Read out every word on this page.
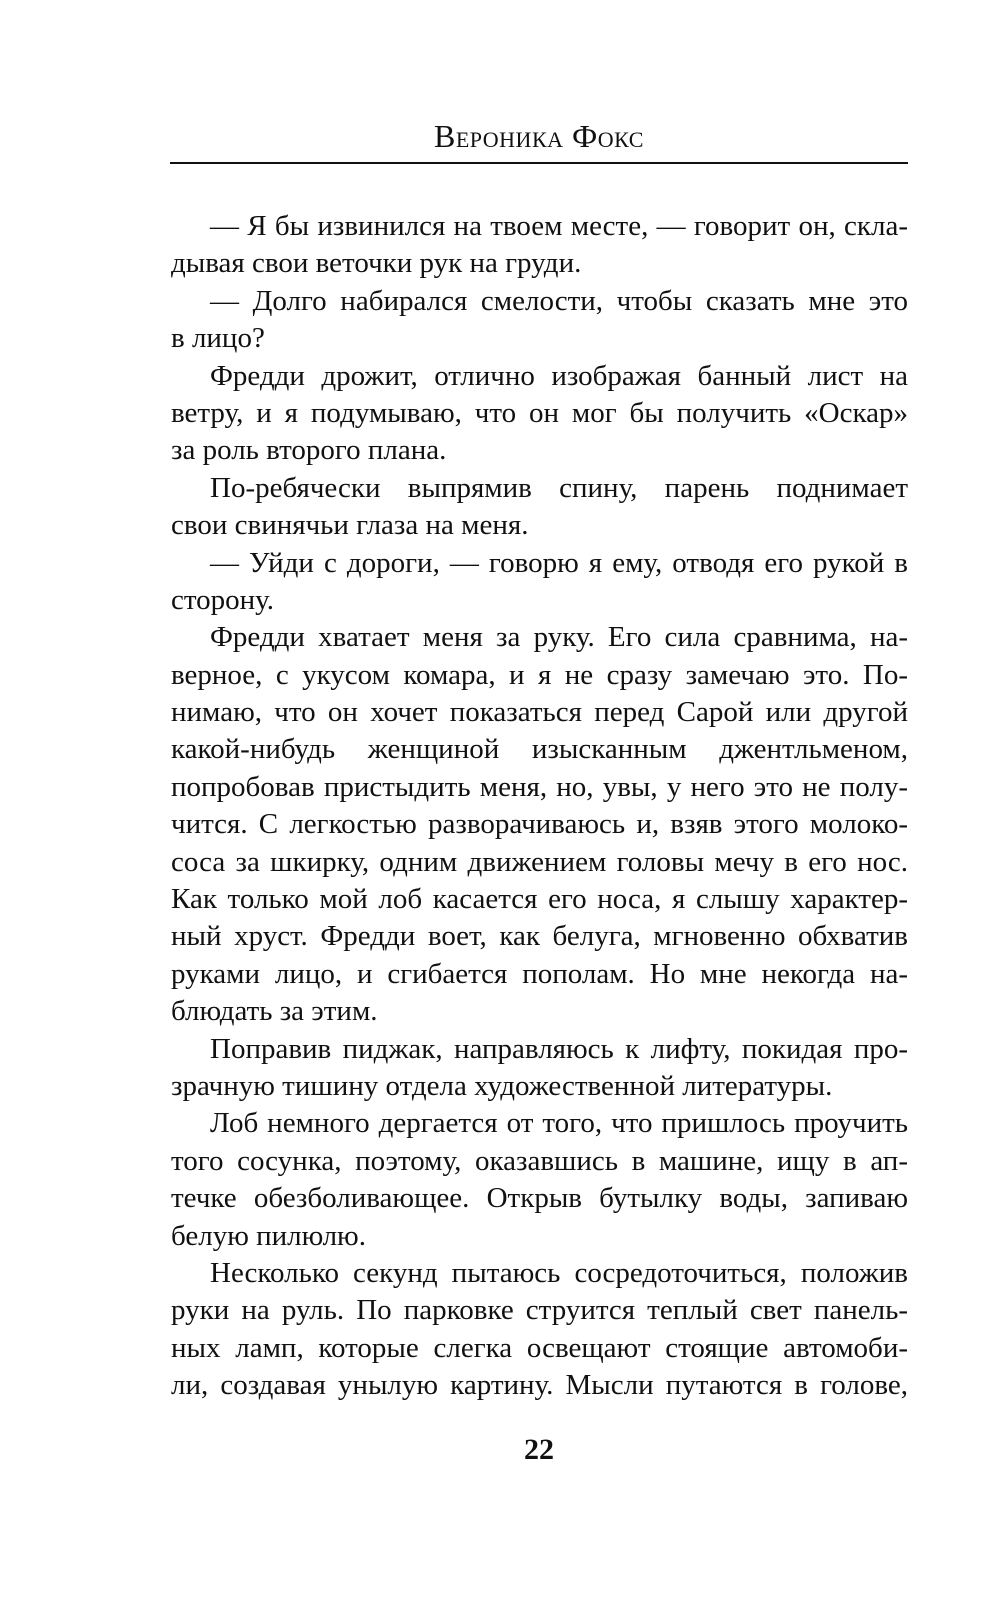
Вероника Фокс
— Я бы извинился на твоем месте, — говорит он, скла-
дывая свои веточки рук на груди.
— Долго набирался смелости, чтобы сказать мне это
в лицо?
Фредди дрожит, отлично изображая банный лист на
ветру, и я подумываю, что он мог бы получить «Оскар»
за роль второго плана.
По-ребячески выпрямив спину, парень поднимает
свои свинячьи глаза на меня.
— Уйди с дороги, — говорю я ему, отводя его рукой в
сторону.
Фредди хватает меня за руку. Его сила сравнима, на-
верное, с укусом комара, и я не сразу замечаю это. По-
нимаю, что он хочет показаться перед Сарой или другой
какой-нибудь женщиной изысканным джентльменом,
попробовав пристыдить меня, но, увы, у него это не полу-
чится. С легкостью разворачиваюсь и, взяв этого молоко-
соса за шкирку, одним движением головы мечу в его нос.
Как только мой лоб касается его носа, я слышу характер-
ный хруст. Фредди воет, как белуга, мгновенно обхватив
руками лицо, и сгибается пополам. Но мне некогда на-
блюдать за этим.
Поправив пиджак, направляюсь к лифту, покидая про-
зрачную тишину отдела художественной литературы.
Лоб немного дергается от того, что пришлось проучить
того сосунка, поэтому, оказавшись в машине, ищу в ап-
течке обезболивающее. Открыв бутылку воды, запиваю
белую пилюлю.
Несколько секунд пытаюсь сосредоточиться, положив
руки на руль. По парковке струится теплый свет панель-
ных ламп, которые слегка освещают стоящие автомоби-
ли, создавая унылую картину. Мысли путаются в голове,
22
